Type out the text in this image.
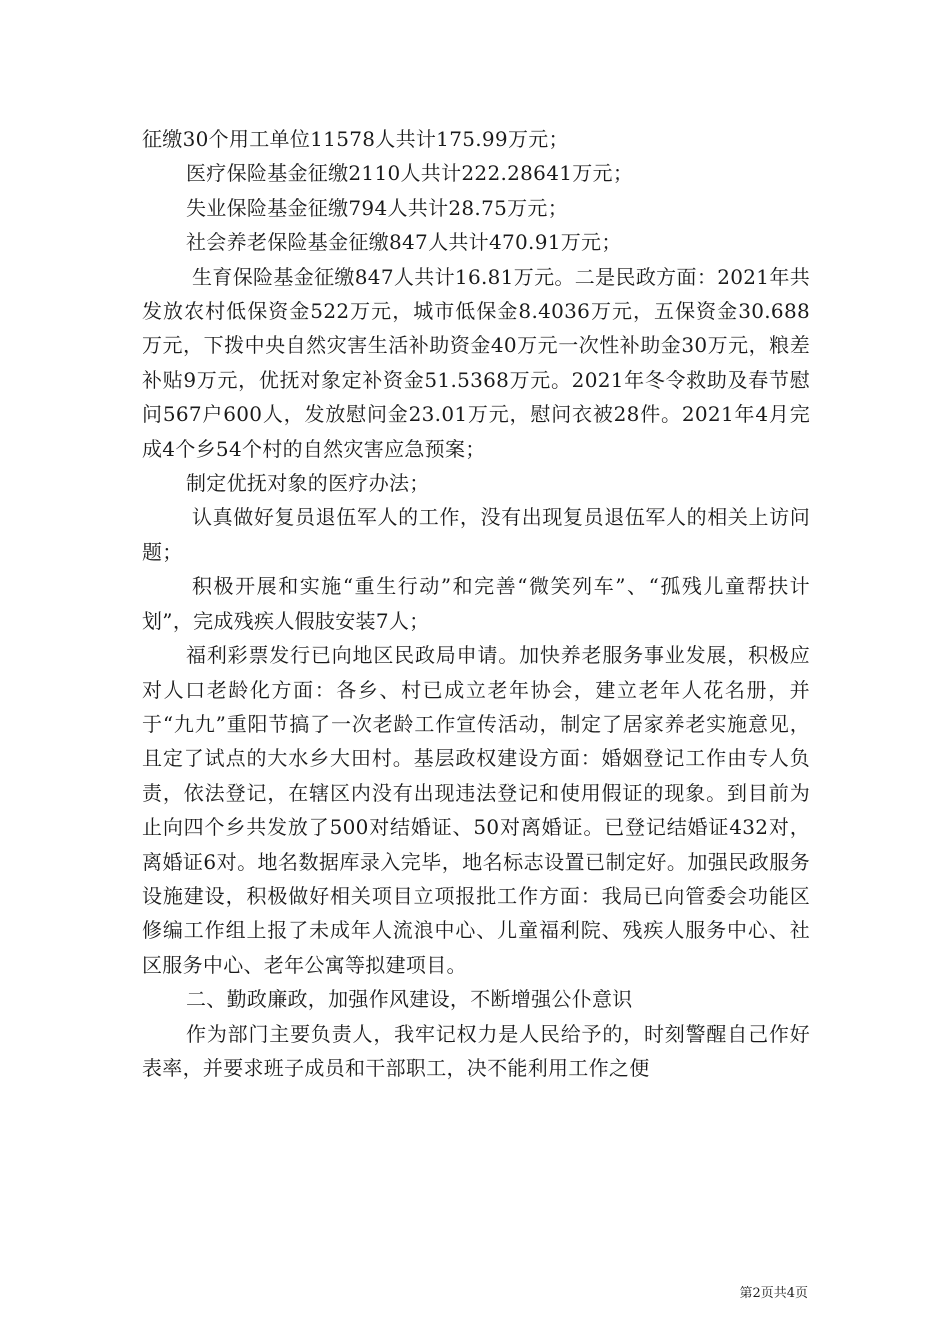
征缴30个用工单位11578人共计175.99万元；

医疗保险基金征缴2110人共计222.28641万元；

失业保险基金征缴794人共计28.75万元；

社会养老保险基金征缴847人共计470.91万元；

生育保险基金征缴847人共计16.81万元。二是民政方面：2021年共发放农村低保资金522万元，城市低保金8.4036万元，五保资金30.688万元，下拨中央自然灾害生活补助资金40万元一次性补助金30万元，粮差补贴9万元，优抚对象定补资金51.5368万元。2021年冬令救助及春节慰问567户600人，发放慰问金23.01万元，慰问衣被28件。2021年4月完成4个乡54个村的自然灾害应急预案；

制定优抚对象的医疗办法；

认真做好复员退伍军人的工作，没有出现复员退伍军人的相关上访问题；

积极开展和实施“重生行动”和完善“微笑列车”、“孤残儿童帮扶计划”，完成残疾人假肢安装7人；

福利彩票发行已向地区民政局申请。加快养老服务事业发展，积极应对人口老龄化方面：各乡、村已成立老年协会，建立老年人花名册，并于“九九”重阳节搞了一次老龄工作宣传活动，制定了居家养老实施意见，且定了试点的大水乡大田村。基层政权建设方面：婚姻登记工作由专人负责，依法登记，在辖区内没有出现违法登记和使用假证的现象。到目前为止向四个乡共发放了500对结婚证、50对离婚证。已登记结婚证432对，离婚证6对。地名数据库录入完毕，地名标志设置已制定好。加强民政服务设施建设，积极做好相关项目立项报批工作方面：我局已向管委会功能区修编工作组上报了未成年人流浪中心、儿童福利院、残疾人服务中心、社区服务中心、老年公寓等拟建项目。

二、勤政廉政，加强作风建设，不断增强公仆意识

作为部门主要负责人，我牢记权力是人民给予的，时刻警醒自己作好表率，并要求班子成员和干部职工，决不能利用工作之便

第2页共4页
